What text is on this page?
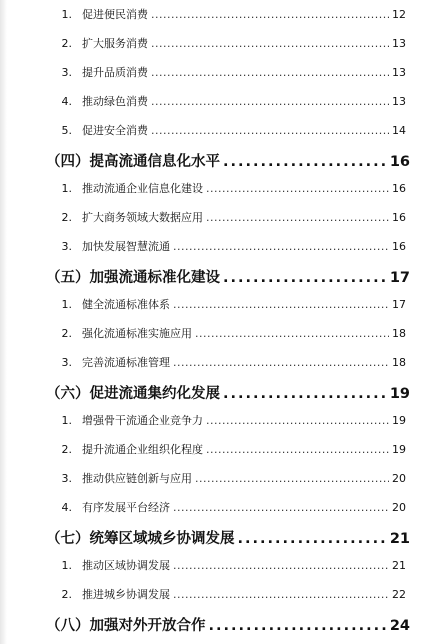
1. 促进便民消费 .....	12
2. 扩大服务消费 .....	13
3. 提升品质消费 .....	13
4. 推动绿色消费 .....	13
5. 促进安全消费 .....	14
（四）提高流通信息化水平 .....	16
1. 推动流通企业信息化建设 .....	16
2. 扩大商务领域大数据应用 .....	16
3. 加快发展智慧流通 .....	16
（五）加强流通标准化建设 .....	17
1. 健全流通标准体系 .....	17
2. 强化流通标准实施应用 .....	18
3. 完善流通标准管理 .....	18
（六）促进流通集约化发展 .....	19
1. 增强骨干流通企业竞争力 .....	19
2. 提升流通企业组织化程度 .....	19
3. 推动供应链创新与应用 .....	20
4. 有序发展平台经济 .....	20
（七）统筹区域城乡协调发展 .....	21
1. 推动区域协调发展 .....	21
2. 推进城乡协调发展 .....	22
（八）加强对外开放合作 .....	24
